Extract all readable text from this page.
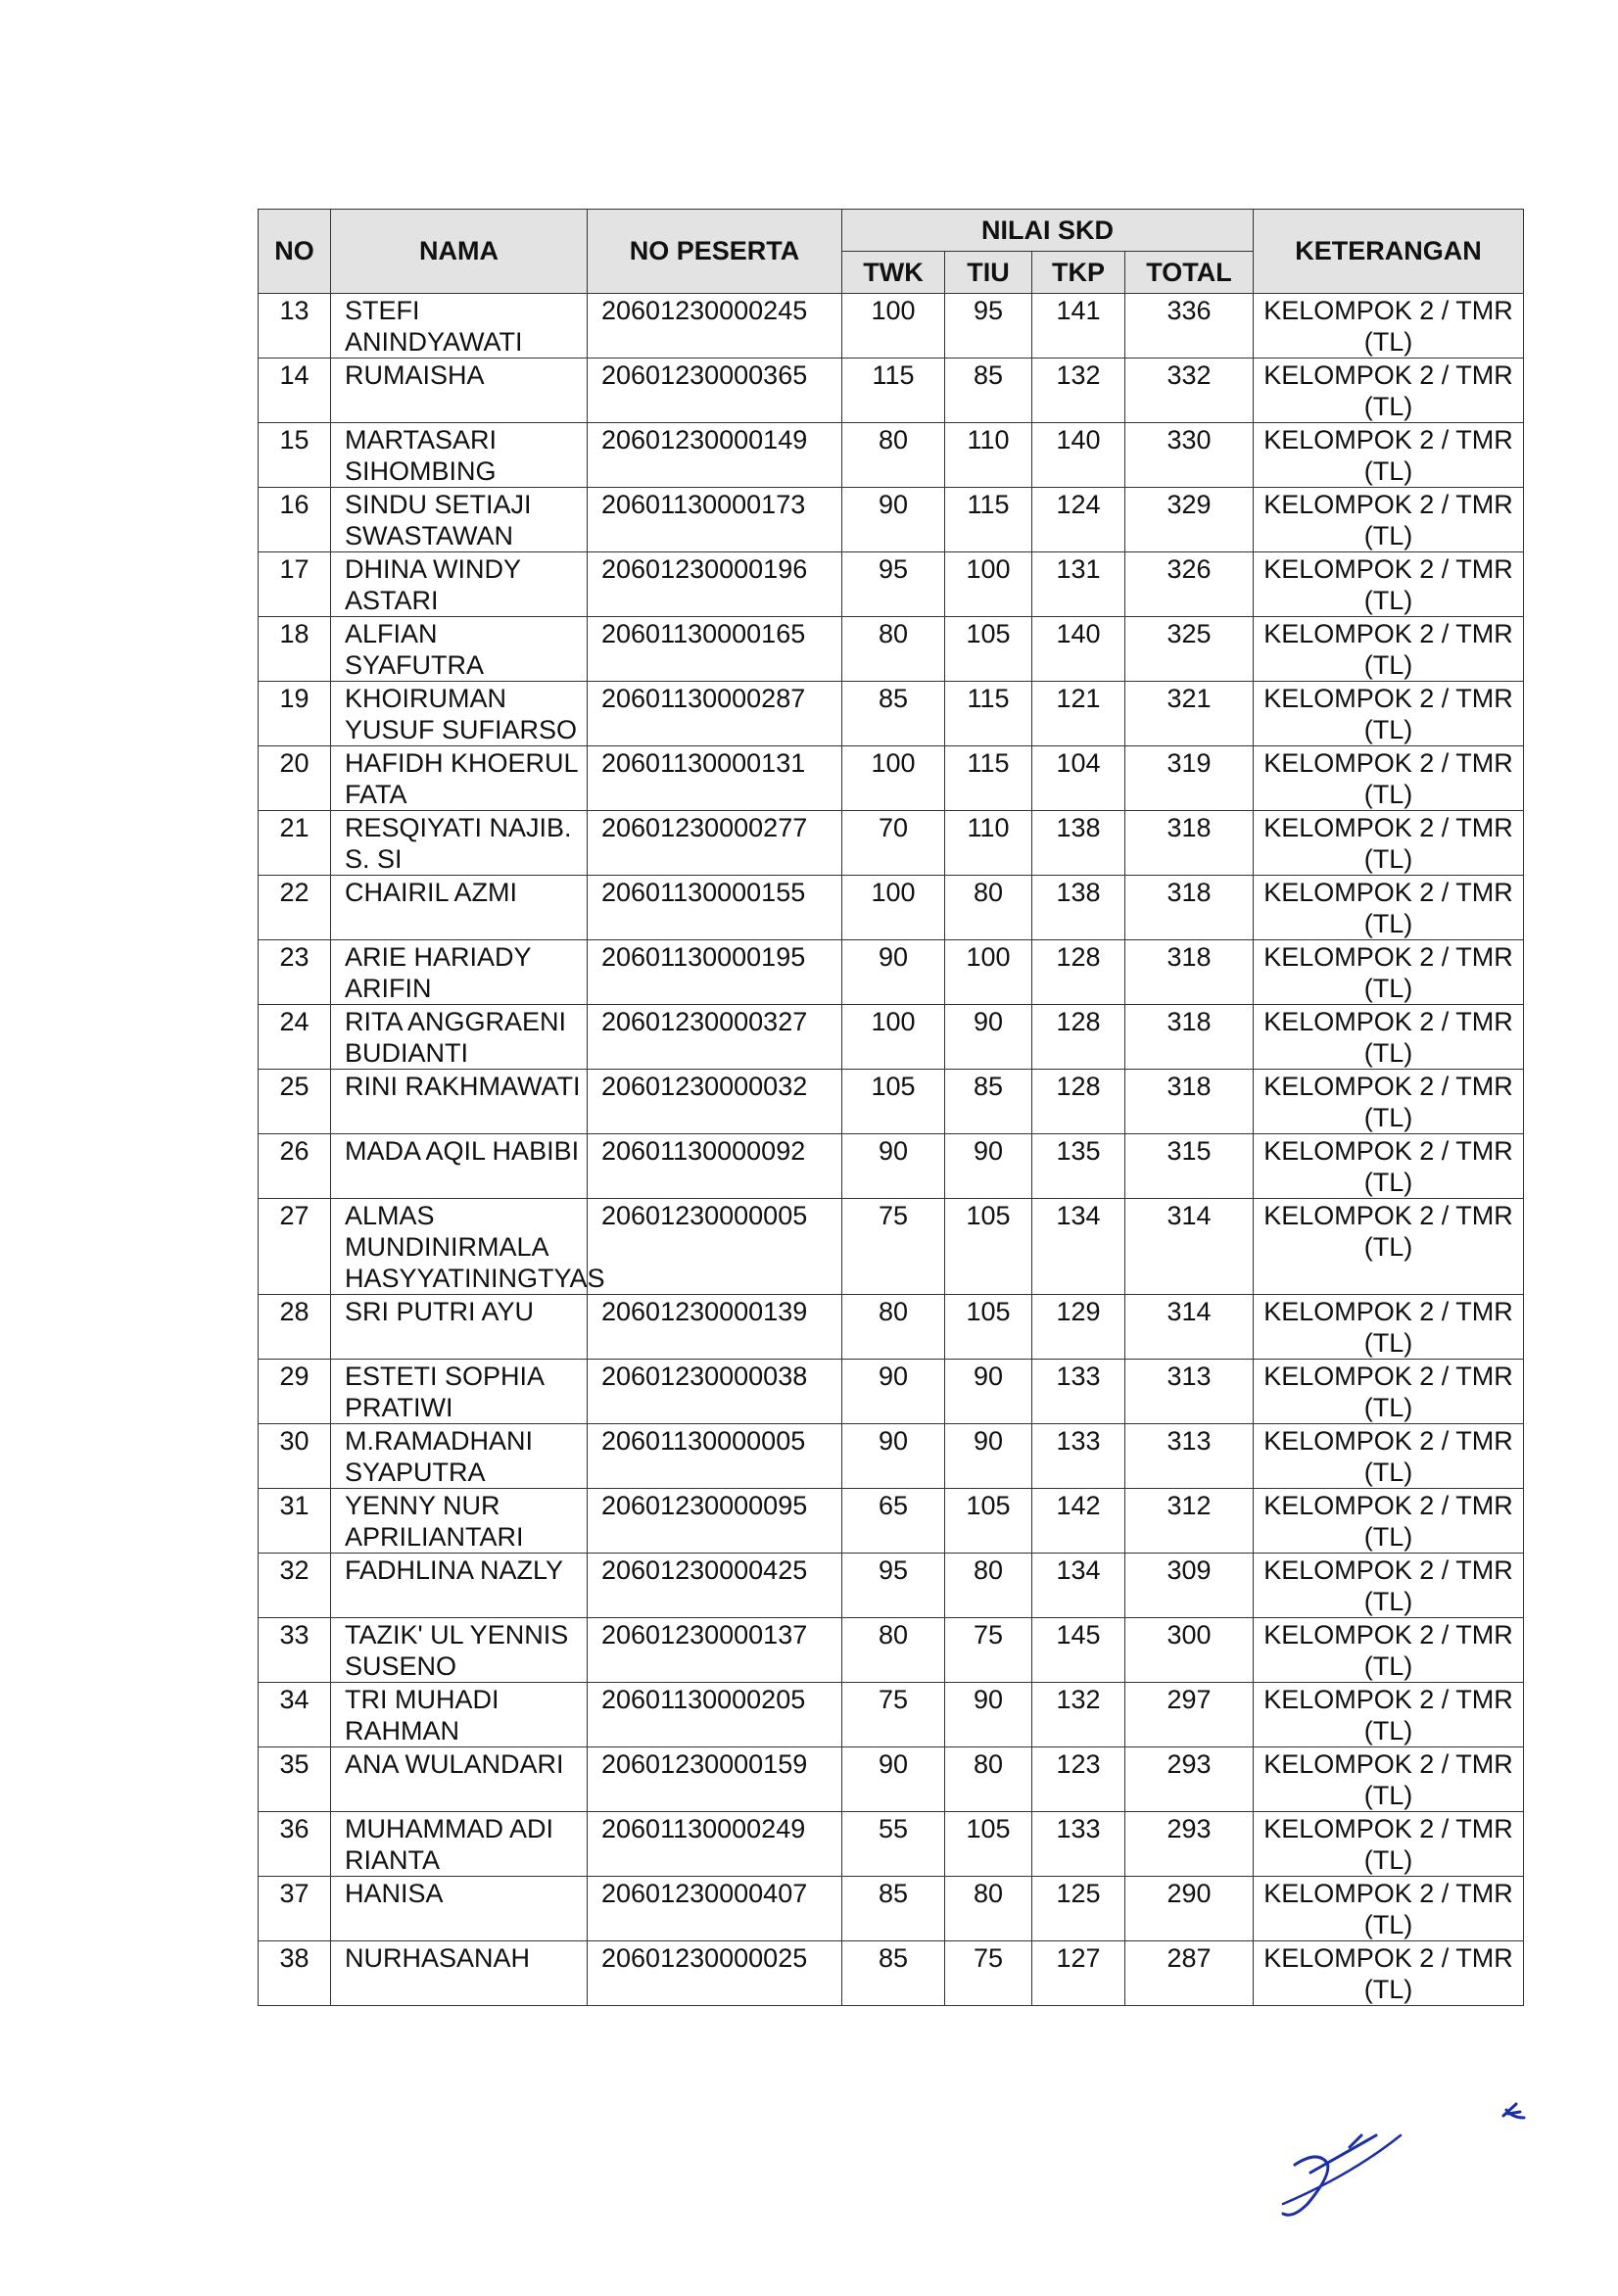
NO	NAMA	NO PESERTA	NILAI SKD				KETERANGAN
			TWK	TIU	TKP	TOTAL	
13	STEFI ANINDYAWATI	20601230000245	100	95	141	336	KELOMPOK 2 / TMR (TL)
14	RUMAISHA	20601230000365	115	85	132	332	KELOMPOK 2 / TMR (TL)
15	MARTASARI SIHOMBING	20601230000149	80	110	140	330	KELOMPOK 2 / TMR (TL)
16	SINDU SETIAJI SWASTAWAN	20601130000173	90	115	124	329	KELOMPOK 2 / TMR (TL)
17	DHINA WINDY ASTARI	20601230000196	95	100	131	326	KELOMPOK 2 / TMR (TL)
18	ALFIAN SYAFUTRA	20601130000165	80	105	140	325	KELOMPOK 2 / TMR (TL)
19	KHOIRUMAN YUSUF SUFIARSO	20601130000287	85	115	121	321	KELOMPOK 2 / TMR (TL)
20	HAFIDH KHOERUL FATA	20601130000131	100	115	104	319	KELOMPOK 2 / TMR (TL)
21	RESQIYATI NAJIB. S. SI	20601230000277	70	110	138	318	KELOMPOK 2 / TMR (TL)
22	CHAIRIL AZMI	20601130000155	100	80	138	318	KELOMPOK 2 / TMR (TL)
23	ARIE HARIADY ARIFIN	20601130000195	90	100	128	318	KELOMPOK 2 / TMR (TL)
24	RITA ANGGRAENI BUDIANTI	20601230000327	100	90	128	318	KELOMPOK 2 / TMR (TL)
25	RINI RAKHMAWATI	20601230000032	105	85	128	318	KELOMPOK 2 / TMR (TL)
26	MADA AQIL HABIBI	20601130000092	90	90	135	315	KELOMPOK 2 / TMR (TL)
27	ALMAS MUNDINIRMALA HASYYATININGTYAS	20601230000005	75	105	134	314	KELOMPOK 2 / TMR (TL)
28	SRI PUTRI AYU	20601230000139	80	105	129	314	KELOMPOK 2 / TMR (TL)
29	ESTETI SOPHIA PRATIWI	20601230000038	90	90	133	313	KELOMPOK 2 / TMR (TL)
30	M.RAMADHANI SYAPUTRA	20601130000005	90	90	133	313	KELOMPOK 2 / TMR (TL)
31	YENNY NUR APRILIANTARI	20601230000095	65	105	142	312	KELOMPOK 2 / TMR (TL)
32	FADHLINA NAZLY	20601230000425	95	80	134	309	KELOMPOK 2 / TMR (TL)
33	TAZIK' UL YENNIS SUSENO	20601230000137	80	75	145	300	KELOMPOK 2 / TMR (TL)
34	TRI MUHADI RAHMAN	20601130000205	75	90	132	297	KELOMPOK 2 / TMR (TL)
35	ANA WULANDARI	20601230000159	90	80	123	293	KELOMPOK 2 / TMR (TL)
36	MUHAMMAD ADI RIANTA	20601130000249	55	105	133	293	KELOMPOK 2 / TMR (TL)
37	HANISA	20601230000407	85	80	125	290	KELOMPOK 2 / TMR (TL)
38	NURHASANAH	20601230000025	85	75	127	287	KELOMPOK 2 / TMR (TL)
